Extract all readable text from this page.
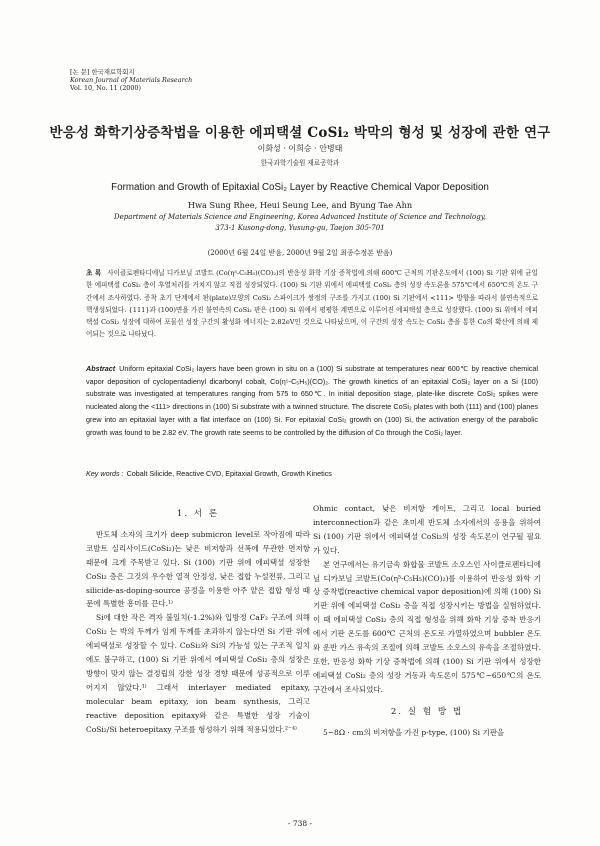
[논 문] 한국재료학회지
Korean Journal of Materials Research
Vol. 10, No. 11 (2000)
반응성 화학기상증착법을 이용한 에피택셜 CoSi₂ 박막의 형성 및 성장에 관한 연구
이화성 · 이희승 · 안병태
한국과학기술원 재료공학과
Formation and Growth of Epitaxial CoSi₂ Layer by Reactive Chemical Vapor Deposition
Hwa Sung Rhee, Heui Seung Lee, and Byung Tae Ahn
Department of Materials Science and Engineering, Korea Advanced Institute of Science and Technology,
373-1 Kusong-dong, Yusung-gu, Taejon 305-701
(2000년 6월 24일 받음, 2000년 9월 2일 최종수정본 받음)
초 록 사이클로펜타디에닐 디카보닐 코발트 (Co(η⁵-C₅H₅)(CO)₂)의 반응성 화학 기상 증착법에 의해 600℃ 근처의 기판온도에서 (100) Si 기판 위에 균일한 에피택셜 CoSi₂ 층이 후열처리를 거치지 않고 직접 성장되었다. (100) Si 기판 위에서 에피택셜 CoSi₂ 층의 성장 속도론을 575℃에서 650℃의 온도 구간에서 조사하였다. 증착 초기 단계에서 판(plate)모양의 CoSi₂ 스파이크가 쌍정의 구조를 가지고 (100) Si 기판에서 <111> 방향을 따라서 불연속적으로 핵생성되었다. {111}과 (100)면을 가진 불연속의 CoSi₂ 판은 (100) Si 위에서 평평한 계면으로 이루어진 에피택셜 층으로 성장했다. (100) Si 위에서 에피택셜 CoSi₂ 성장에 대하여 포물선 성장 구간의 활성화 에너지는 2.82eV인 것으로 나타났으며, 이 구간의 성장 속도는 CoSi₂ 층을 통한 Co의 확산에 의해 제어되는 것으로 나타났다.
Abstract Uniform epitaxial CoSi₂ layers have been grown in situ on a (100) Si substrate at temperatures near 600℃ by reactive chemical vapor deposition of cyclopentadienyl dicarbonyl cobalt, Co(η⁵-C₅H₅)(CO)₂. The growth kinetics of an epitaxial CoSi₂ layer on a Si (100) substrate was investigated at temperatures ranging from 575 to 650℃. In initial deposition stage, plate-like discrete CoSi₂ spikes were nucleated along the <111> directions in (100) Si substrate with a twinned structure. The discrete CoSi₂ plates with both (111) and (100) planes grew into an epitaxial layer with a flat interface on (100) Si. For epitaxial CoSi₂ growth on (100) Si, the activation energy of the parabolic growth was found to be 2.82 eV. The growth rate seems to be controlled by the diffusion of Co through the CoSi₂ layer.
Key words : Cobalt Silicide, Reactive CVD, Epitaxial Growth, Growth Kinetics
1. 서 론

반도체 소자의 크기가 deep submicron level로 작아짐에 따라 코발트 실리사이드(CoSi₂)는 낮은 비저항과 선폭에 무관한 면저항 때문에 크게 주목받고 있다. Si (100) 기판 위에 에피택셜 성장한 CoSi₂ 층은 그것의 우수한 열적 안정성, 낮은 접합 누설전류, 그리고 silicide-as-doping-source 공정을 이용한 아주 얕은 접합 형성 때문에 특별한 흥미를 끈다.¹⁾

Si에 대한 작은 격자 불일치(-1.2%)와 입방정 CaF₂ 구조에 의해 CoSi₂ 는 박의 두께가 임계 두께를 초과하지 않는다면 Si 기판 위에 에피택셜로 성장할 수 있다. CoSi₂와 Si의 가능성 있는 구조적 일치에도 불구하고, (100) Si 기판 위에서 에피택셜 CoSi₂ 층의 성장은 방향이 맞지 않는 결정립의 강한 성장 경향 때문에 성공적으로 이루어지지 않았다.¹⁾ 그래서 interlayer mediated epitaxy, molecular beam epitaxy, ion beam synthesis, 그리고 reactive deposition epitaxy와 같은 특별한 성장 기술이 CoSi₂/Si heteroepitaxy 구조를 형성하기 위해 적용되었다.²⁻⁴⁾

Ohmic contact, 낮은 비저항 게이트, 그리고 local buried interconnection과 같은 초미세 반도체 소자에서의 응용을 위하여 Si (100) 기판 위에서 에피택셜 CoSi₂의 성장 속도론이 연구될 필요가 있다.

본 연구에서는 유기금속 화합물 코발트 소오스인 사이클로펜타디에닐 디카보닐 코발트(Co(η⁵-C₅H₅)(CO)₂)를 이용하여 반응성 화학 기상 증착법(reactive chemical vapor deposition)에 의해 (100) Si 기판 위에 에피택셜 CoSi₂ 층을 직접 성장시키는 방법을 실험하였다. 이 때 에피택셜 CoSi₂ 층의 직접 형성을 위해 화학 기상 증착 반응기에서 기판 온도를 600℃ 근처의 온도로 가열하였으며 bubbler 온도와 운반 가스 유속의 조절에 의해 코발트 소오스의 유속을 조절하였다. 또한, 반응성 화학 기상 증착법에 의해 (100) Si 기판 위에서 성장한 에피택셜 CoSi₂ 층의 성장 거동과 속도론이 575℃~650℃의 온도 구간에서 조사되었다.

2. 실 험 방 법

5~8Ω · cm의 비저항을 가진 p-type, (100) Si 기판을

- 738 -
